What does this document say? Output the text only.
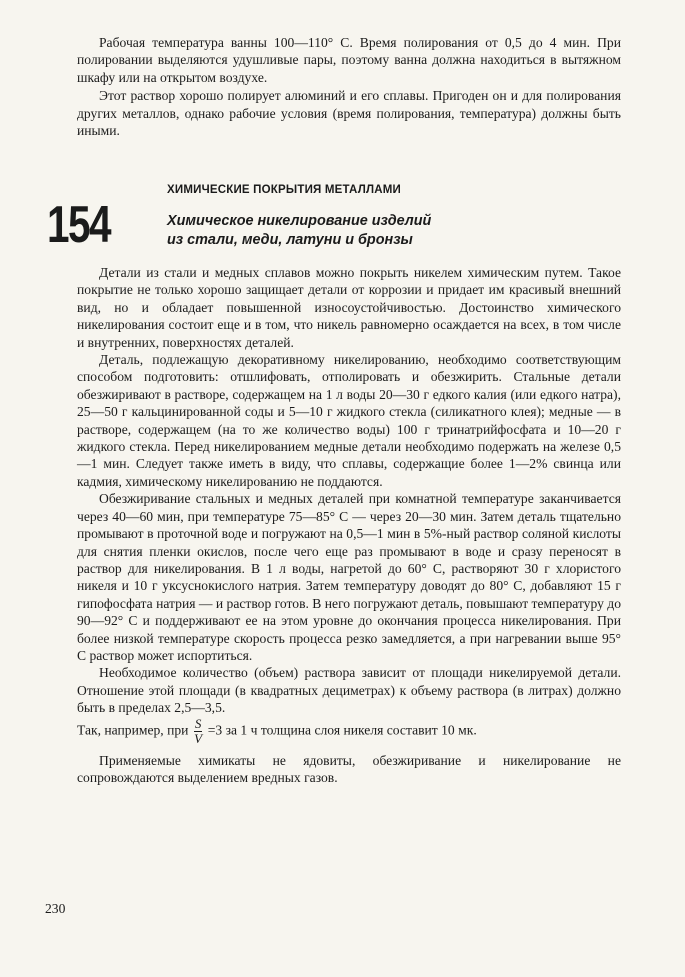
Рабочая температура ванны 100—110° С. Время полирования от 0,5 до 4 мин. При полировании выделяются удушливые пары, поэтому ванна должна находиться в вытяжном шкафу или на открытом воздухе.

Этот раствор хорошо полирует алюминий и его сплавы. Пригоден он и для полирования других металлов, однако рабочие условия (время полирования, температура) должны быть иными.

ХИМИЧЕСКИЕ ПОКРЫТИЯ МЕТАЛЛАМИ
154	Химическое никелирование изделий
из стали, меди, латуни и бронзы

Детали из стали и медных сплавов можно покрыть никелем химическим путем. Такое покрытие не только хорошо защищает детали от коррозии и придает им красивый внешний вид, но и обладает повышенной износоустойчивостью. Достоинство химического никелирования состоит еще и в том, что никель равномерно осаждается на всех, в том числе и внутренних, поверхностях деталей.

Деталь, подлежащую декоративному никелированию, необходимо соответствующим способом подготовить: отшлифовать, отполировать и обезжирить. Стальные детали обезжиривают в растворе, содержащем на 1 л воды 20—30 г едкого калия (или едкого натра), 25—50 г кальцинированной соды и 5—10 г жидкого стекла (силикатного клея); медные — в растворе, содержащем (на то же количество воды) 100 г тринатрийфосфата и 10—20 г жидкого стекла. Перед никелированием медные детали необходимо подержать на железе 0,5—1 мин. Следует также иметь в виду, что сплавы, содержащие более 1—2% свинца или кадмия, химическому никелированию не поддаются.

Обезжиривание стальных и медных деталей при комнатной температуре заканчивается через 40—60 мин, при температуре 75—85° С — через 20—30 мин. Затем деталь тщательно промывают в проточной воде и погружают на 0,5—1 мин в 5%-ный раствор соляной кислоты для снятия пленки окислов, после чего еще раз промывают в воде и сразу переносят в раствор для никелирования. В 1 л воды, нагретой до 60° С, растворяют 30 г хлористого никеля и 10 г уксуснокислого натрия. Затем температуру доводят до 80° С, добавляют 15 г гипофосфата натрия — и раствор готов. В него погружают деталь, повышают температуру до 90—92° С и поддерживают ее на этом уровне до окончания процесса никелирования. При более низкой температуре скорость процесса резко замедляется, а при нагревании выше 95° С раствор может испортиться.

Необходимое количество (объем) раствора зависит от площади никелируемой детали. Отношение этой площади (в квадратных дециметрах) к объему раствора (в литрах) должно быть в пределах 2,5—3,5.

Так, например, при $\frac{S}{V} =3$ за 1 ч толщина слоя никеля составит 10 мк.

Применяемые химикаты не ядовиты, обезжиривание и никелирование не сопровождаются выделением вредных газов.

230
